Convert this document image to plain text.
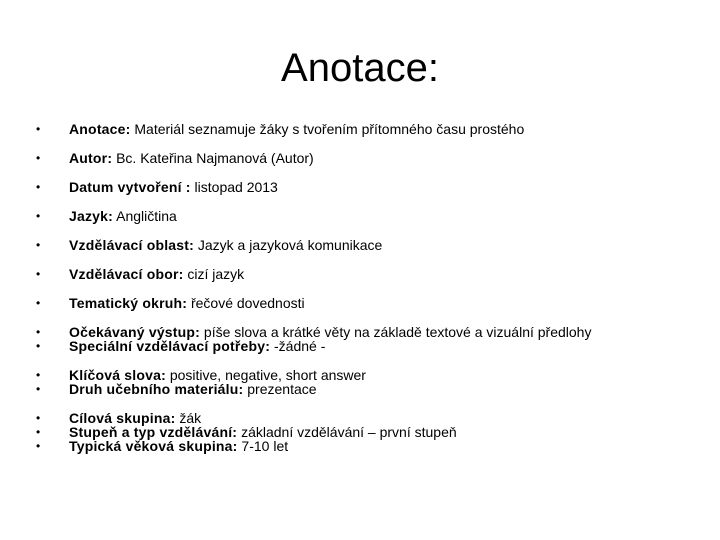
Anotace:
•	Anotace: Materiál seznamuje žáky s tvořením přítomného času prostého
•	Autor: Bc. Kateřina Najmanová (Autor)
•	Datum vytvoření : listopad 2013
•	Jazyk: Angličtina
•	Vzdělávací oblast: Jazyk a jazyková komunikace
•	Vzdělávací obor: cizí jazyk
•	Tematický okruh: řečové dovednosti
•
•
Očekávaný výstup: píše slova a krátké věty na základě textové a vizuální předlohy
Speciální vzdělávací potřeby: -žádné -
•
•
Klíčová slova: positive, negative, short answer
Druh učebního materiálu: prezentace
•
•
•
Cílová skupina: žák
Stupeň a typ vzdělávání: základní vzdělávání – první stupeň
Typická věková skupina: 7-10 let
